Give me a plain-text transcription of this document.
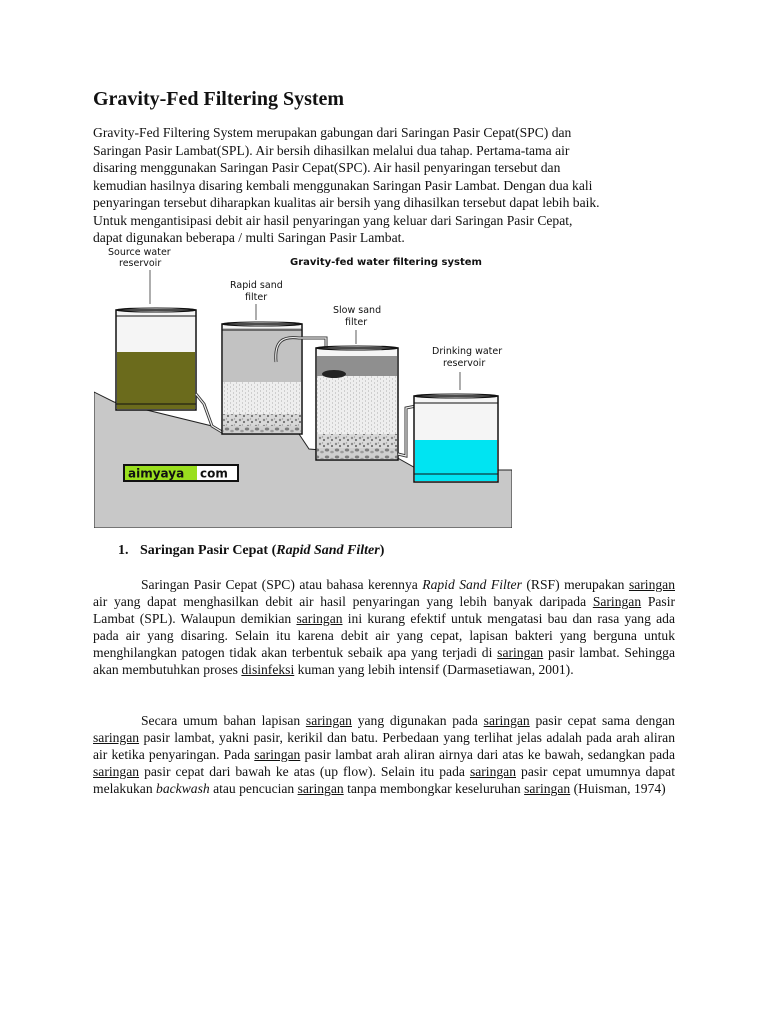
Gravity-Fed Filtering System

Gravity-Fed Filtering System merupakan gabungan dari Saringan Pasir Cepat(SPC) dan

Saringan Pasir Lambat(SPL). Air bersih dihasilkan melalui dua tahap. Pertama-tama air

disaring menggunakan Saringan Pasir Cepat(SPC). Air hasil penyaringan tersebut dan

kemudian hasilnya disaring kembali menggunakan Saringan Pasir Lambat. Dengan dua kali

penyaringan tersebut diharapkan kualitas air bersih yang dihasilkan tersebut dapat lebih baik.

Untuk mengantisipasi debit air hasil penyaringan yang keluar dari Saringan Pasir Cepat,

dapat digunakan beberapa / multi Saringan Pasir Lambat.

Gravity-fed water filtering system
Source water
reservoir
Rapid sand
filter
Slow sand
filter
Drinking water
reservoir
aimyaya com
1. Saringan Pasir Cepat (Rapid Sand Filter)

Saringan Pasir Cepat (SPC) atau bahasa kerennya Rapid Sand Filter (RSF) merupakan saringan air yang dapat menghasilkan debit air hasil penyaringan yang lebih banyak daripada Saringan Pasir Lambat (SPL). Walaupun demikian saringan ini kurang efektif untuk mengatasi bau dan rasa yang ada pada air yang disaring. Selain itu karena debit air yang cepat, lapisan bakteri yang berguna untuk menghilangkan patogen tidak akan terbentuk sebaik apa yang terjadi di saringan pasir lambat. Sehingga akan membutuhkan proses disinfeksi kuman yang lebih intensif (Darmasetiawan, 2001).

Secara umum bahan lapisan saringan yang digunakan pada saringan pasir cepat sama dengan saringan pasir lambat, yakni pasir, kerikil dan batu. Perbedaan yang terlihat jelas adalah pada arah aliran air ketika penyaringan. Pada saringan pasir lambat arah aliran airnya dari atas ke bawah, sedangkan pada saringan pasir cepat dari bawah ke atas (up flow). Selain itu pada saringan pasir cepat umumnya dapat melakukan backwash atau pencucian saringan tanpa membongkar keseluruhan saringan (Huisman, 1974)
